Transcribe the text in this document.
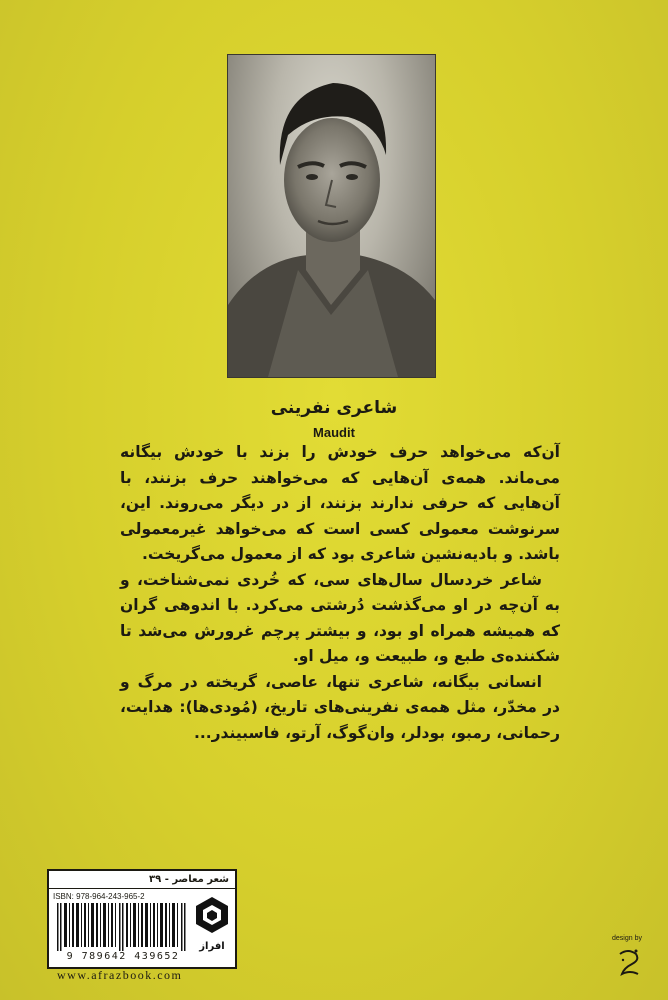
شاعری نفرینی
Maudit

آن‌که می‌خواهد حرف خودش را بزند با خودش بیگانه می‌ماند. همه‌ی آن‌هایی که می‌خواهند حرف بزنند، با آن‌هایی که حرفی ندارند بزنند، از در دیگر می‌روند. این، سرنوشت معمولی کسی است که می‌خواهد غیرمعمولی باشد. و بادیه‌نشین شاعری بود که از معمول می‌گریخت.

شاعر خردسال سال‌های سی، که خُردی نمی‌شناخت، و به آن‌چه در او می‌گذشت دُرشتی می‌کرد. با اندوهی گران که همیشه همراه او بود، و بیشتر پرچم غرورش می‌شد تا شکننده‌ی طبع و، طبیعت و، میل او.

انسانی بیگانه، شاعری تنها، عاصی، گریخته در مرگ و در مخدّر، مثل همه‌ی نفرینی‌های تاریخ، (مُودی‌ها): هدایت، رحمانی، رمبو، بودلر، وان‌گوگ، آرتو، فاسبیندر...

شعر معاصر - ۳۹
ISBN: 978-964-243-965-2
9 789642 439652
افراز
www.afrazbook.com
design by
